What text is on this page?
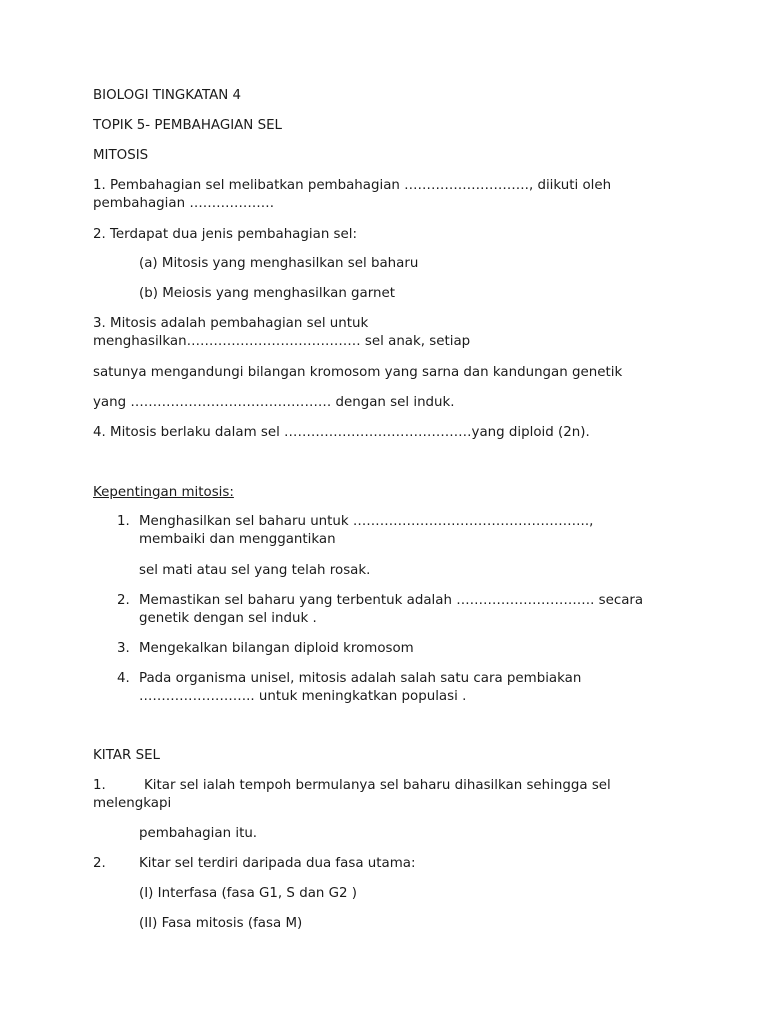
BIOLOGI TINGKATAN 4
TOPIK 5- PEMBAHAGIAN SEL
MITOSIS
1. Pembahagian sel melibatkan pembahagian ………………………., diikuti oleh
pembahagian ……………….
2. Terdapat dua jenis pembahagian sel:
(a) Mitosis yang menghasilkan sel baharu
(b) Meiosis yang menghasilkan garnet
3. Mitosis adalah pembahagian sel untuk
menghasilkan………………………………… sel anak, setiap
satunya mengandungi bilangan kromosom yang sarna dan kandungan genetik
yang ……………………………………… dengan sel induk.
4. Mitosis berlaku dalam sel ……………………………………yang diploid (2n).
Kepentingan mitosis:
1. Menghasilkan sel baharu untuk ……………………………………………..,
membaiki dan menggantikan
sel mati atau sel yang telah rosak.
2. Memastikan sel baharu yang terbentuk adalah …………………………. secara
genetik dengan sel induk .
3. Mengekalkan bilangan diploid kromosom
4. Pada organisma unisel, mitosis adalah salah satu cara pembiakan
…………………….. untuk meningkatkan populasi .
KITAR SEL
1.	Kitar sel ialah tempoh bermulanya sel baharu dihasilkan sehingga sel
melengkapi
pembahagian itu.
2. Kitar sel terdiri daripada dua fasa utama:
(I) Interfasa (fasa G1, S dan G2 )
(II) Fasa mitosis (fasa M)
